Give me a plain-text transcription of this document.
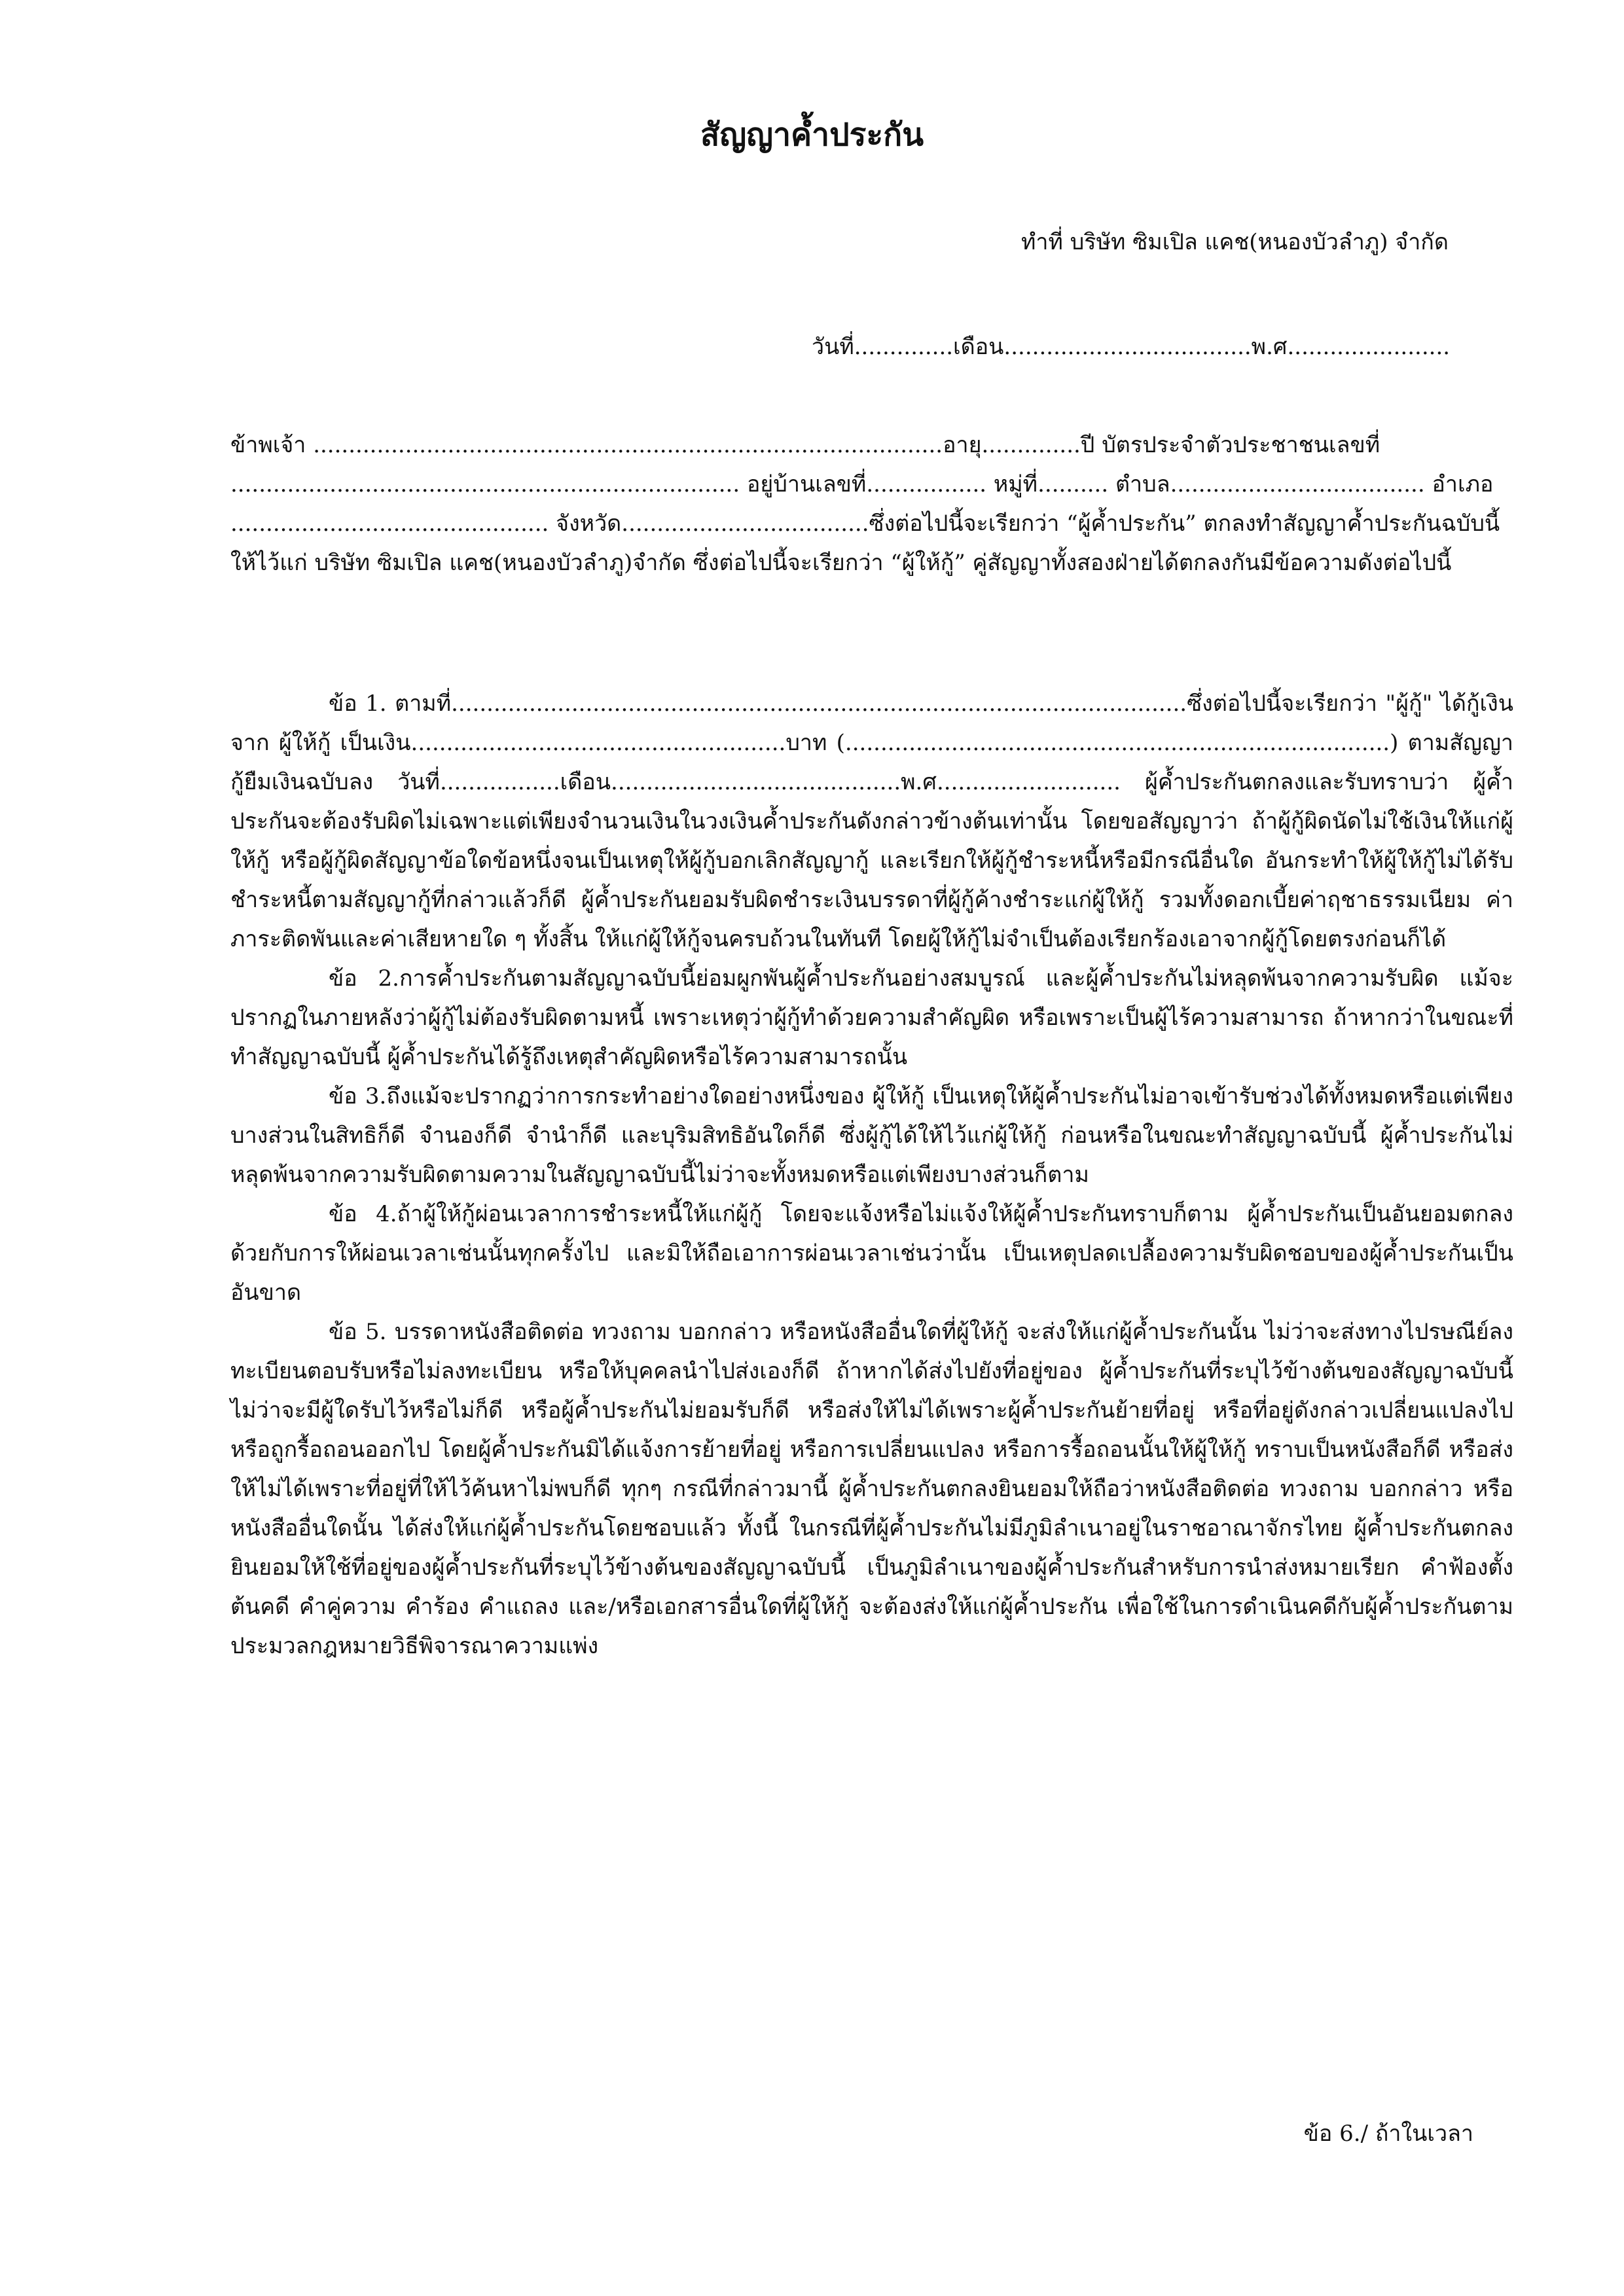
สัญญาค้ำประกัน
ทำที่ บริษัท ซิมเปิล แคช(หนองบัวลำภู) จำกัด
วันที่..............เดือน...................................พ.ศ.......................
ข้าพเจ้า .........................................................................................อายุ..............ปี บัตรประจำตัวประชาชนเลขที่
........................................................................ อยู่บ้านเลขที่................. หมู่ที่.......... ตำบล.................................... อำเภอ
............................................. จังหวัด...................................ซึ่งต่อไปนี้จะเรียกว่า “ผู้ค้ำประกัน” ตกลงทำสัญญาค้ำประกันฉบับนี้
ให้ไว้แก่ บริษัท ซิมเปิล แคช(หนองบัวลำภู)จำกัด ซึ่งต่อไปนี้จะเรียกว่า “ผู้ให้กู้” คู่สัญญาทั้งสองฝ่ายได้ตกลงกันมีข้อความดังต่อไปนี้

ข้อ 1. ตามที่........................................................................................................ซึ่งต่อไปนี้จะเรียกว่า "ผู้กู้" ได้กู้เงิน จาก ผู้ให้กู้ เป็นเงิน.....................................................บาท (.............................................................................) ตามสัญญากู้ยืมเงินฉบับลง วันที่.................เดือน.........................................พ.ศ.......................... ผู้ค้ำประกันตกลงและรับทราบว่า ผู้ค้ำประกันจะต้องรับผิดไม่เฉพาะแต่เพียงจำนวนเงินในวงเงินค้ำประกันดังกล่าวข้างต้นเท่านั้น โดยขอสัญญาว่า ถ้าผู้กู้ผิดนัดไม่ใช้เงินให้แก่ผู้ให้กู้ หรือผู้กู้ผิดสัญญาข้อใดข้อหนึ่งจนเป็นเหตุให้ผู้กู้บอกเลิกสัญญากู้ และเรียกให้ผู้กู้ชำระหนี้หรือมีกรณีอื่นใด อันกระทำให้ผู้ให้กู้ไม่ได้รับชำระหนี้ตามสัญญากู้ที่กล่าวแล้วก็ดี ผู้ค้ำประกันยอมรับผิดชำระเงินบรรดาที่ผู้กู้ค้างชำระแก่ผู้ให้กู้ รวมทั้งดอกเบี้ยค่าฤชาธรรมเนียม ค่าภาระติดพันและค่าเสียหายใด ๆ ทั้งสิ้น ให้แก่ผู้ให้กู้จนครบถ้วนในทันที โดยผู้ให้กู้ไม่จำเป็นต้องเรียกร้องเอาจากผู้กู้โดยตรงก่อนก็ได้

ข้อ 2.การค้ำประกันตามสัญญาฉบับนี้ย่อมผูกพันผู้ค้ำประกันอย่างสมบูรณ์ และผู้ค้ำประกันไม่หลุดพ้นจากความรับผิด แม้จะปรากฏในภายหลังว่าผู้กู้ไม่ต้องรับผิดตามหนี้ เพราะเหตุว่าผู้กู้ทำด้วยความสำคัญผิด หรือเพราะเป็นผู้ไร้ความสามารถ ถ้าหากว่าในขณะที่ทำสัญญาฉบับนี้ ผู้ค้ำประกันได้รู้ถึงเหตุสำคัญผิดหรือไร้ความสามารถนั้น

ข้อ 3.ถึงแม้จะปรากฏว่าการกระทำอย่างใดอย่างหนึ่งของ ผู้ให้กู้ เป็นเหตุให้ผู้ค้ำประกันไม่อาจเข้ารับช่วงได้ทั้งหมดหรือแต่เพียงบางส่วนในสิทธิก็ดี จำนองก็ดี จำนำก็ดี และบุริมสิทธิอันใดก็ดี ซึ่งผู้กู้ได้ให้ไว้แก่ผู้ให้กู้ ก่อนหรือในขณะทำสัญญาฉบับนี้ ผู้ค้ำประกันไม่หลุดพ้นจากความรับผิดตามความในสัญญาฉบับนี้ไม่ว่าจะทั้งหมดหรือแต่เพียงบางส่วนก็ตาม

ข้อ 4.ถ้าผู้ให้กู้ผ่อนเวลาการชำระหนี้ให้แก่ผู้กู้ โดยจะแจ้งหรือไม่แจ้งให้ผู้ค้ำประกันทราบก็ตาม ผู้ค้ำประกันเป็นอันยอมตกลงด้วยกับการให้ผ่อนเวลาเช่นนั้นทุกครั้งไป และมิให้ถือเอาการผ่อนเวลาเช่นว่านั้น เป็นเหตุปลดเปลื้องความรับผิดชอบของผู้ค้ำประกันเป็นอันขาด

ข้อ 5. บรรดาหนังสือติดต่อ ทวงถาม บอกกล่าว หรือหนังสืออื่นใดที่ผู้ให้กู้ จะส่งให้แก่ผู้ค้ำประกันนั้น ไม่ว่าจะส่งทางไปรษณีย์ลงทะเบียนตอบรับหรือไม่ลงทะเบียน หรือให้บุคคลนำไปส่งเองก็ดี ถ้าหากได้ส่งไปยังที่อยู่ของ ผู้ค้ำประกันที่ระบุไว้ข้างต้นของสัญญาฉบับนี้ ไม่ว่าจะมีผู้ใดรับไว้หรือไม่ก็ดี หรือผู้ค้ำประกันไม่ยอมรับก็ดี หรือส่งให้ไม่ได้เพราะผู้ค้ำประกันย้ายที่อยู่ หรือที่อยู่ดังกล่าวเปลี่ยนแปลงไปหรือถูกรื้อถอนออกไป โดยผู้ค้ำประกันมิได้แจ้งการย้ายที่อยู่ หรือการเปลี่ยนแปลง หรือการรื้อถอนนั้นให้ผู้ให้กู้ ทราบเป็นหนังสือก็ดี หรือส่งให้ไม่ได้เพราะที่อยู่ที่ให้ไว้ค้นหาไม่พบก็ดี ทุกๆ กรณีที่กล่าวมานี้ ผู้ค้ำประกันตกลงยินยอมให้ถือว่าหนังสือติดต่อ ทวงถาม บอกกล่าว หรือหนังสืออื่นใดนั้น ได้ส่งให้แก่ผู้ค้ำประกันโดยชอบแล้ว ทั้งนี้ ในกรณีที่ผู้ค้ำประกันไม่มีภูมิลำเนาอยู่ในราชอาณาจักรไทย ผู้ค้ำประกันตกลงยินยอมให้ใช้ที่อยู่ของผู้ค้ำประกันที่ระบุไว้ข้างต้นของสัญญาฉบับนี้ เป็นภูมิลำเนาของผู้ค้ำประกันสำหรับการนำส่งหมายเรียก คำฟ้องตั้งต้นคดี คำคู่ความ คำร้อง คำแถลง และ/หรือเอกสารอื่นใดที่ผู้ให้กู้ จะต้องส่งให้แก่ผู้ค้ำประกัน เพื่อใช้ในการดำเนินคดีกับผู้ค้ำประกันตามประมวลกฎหมายวิธีพิจารณาความแพ่ง

ข้อ 6./ ถ้าในเวลา
